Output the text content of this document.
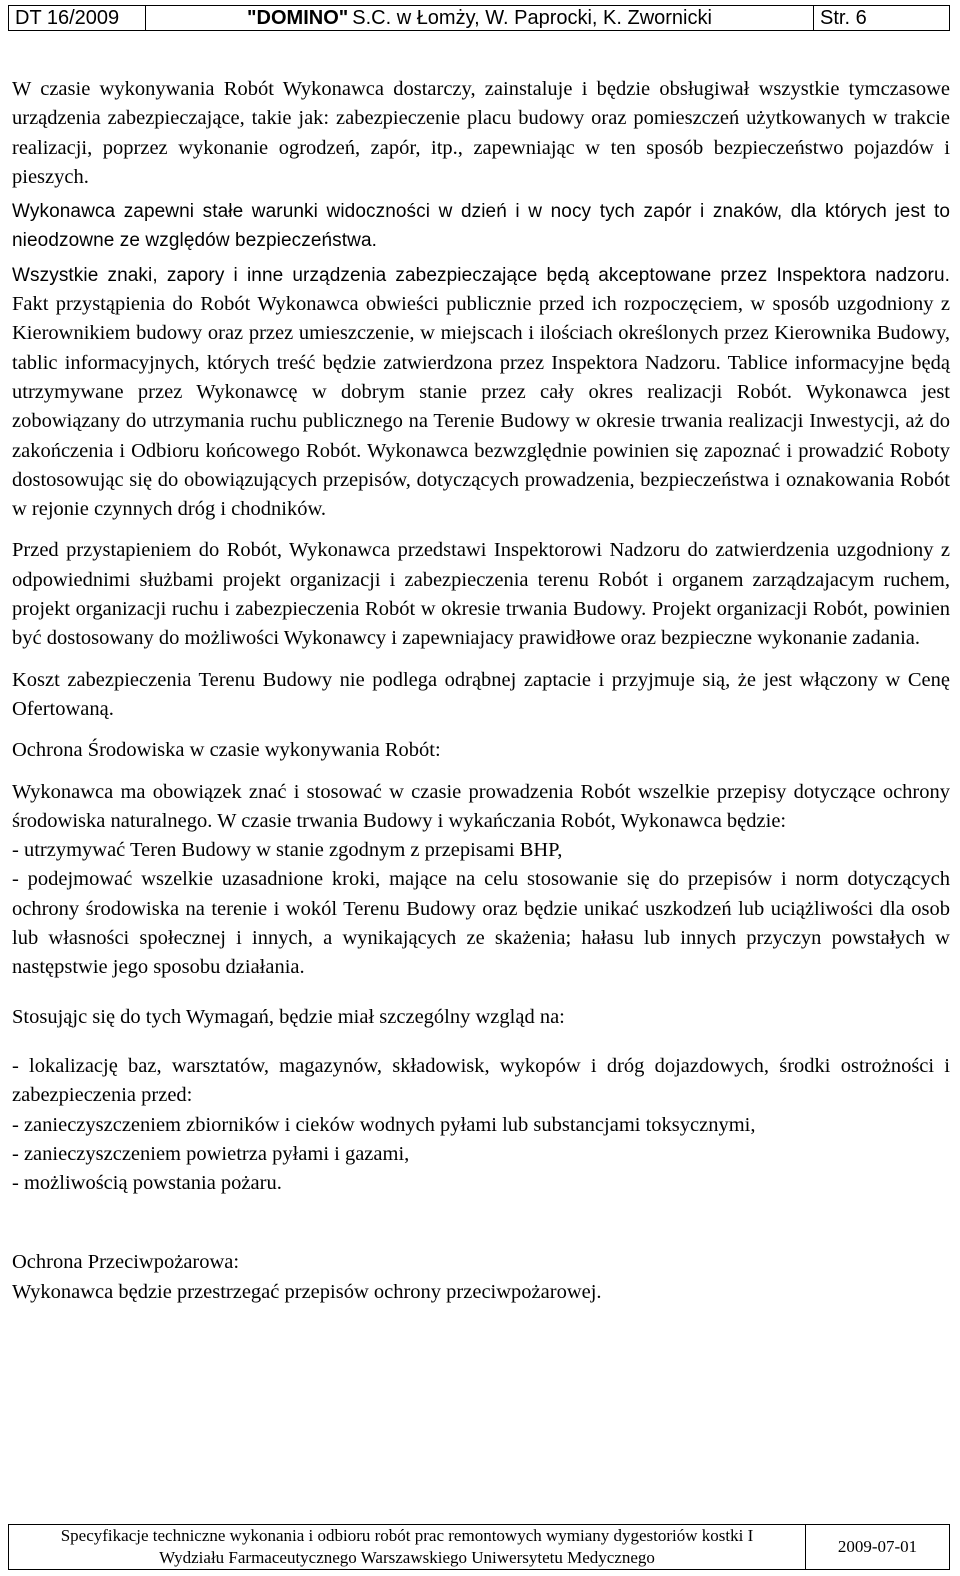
DT 16/2009	"DOMINO" S.C. w Łomży, W. Paprocki, K. Zwornicki	Str. 6

W czasie wykonywania Robót Wykonawca dostarczy, zainstaluje i będzie obsługiwał wszystkie tymczasowe urządzenia zabezpieczające, takie jak: zabezpieczenie placu budowy oraz pomieszczeń użytkowanych w trakcie realizacji, poprzez wykonanie ogrodzeń, zapór, itp., zapewniając w ten sposób bezpieczeństwo pojazdów i pieszych.

Wykonawca zapewni stałe warunki widoczności w dzień i w nocy tych zapór i znaków, dla których jest to nieodzowne ze względów bezpieczeństwa.

Wszystkie znaki, zapory i inne urządzenia zabezpieczające będą akceptowane przez Inspektora nadzoru. Fakt przystąpienia do Robót Wykonawca obwieści publicznie przed ich rozpoczęciem, w sposób uzgodniony z Kierownikiem budowy oraz przez umieszczenie, w miejscach i ilościach określonych przez Kierownika Budowy, tablic informacyjnych, których treść będzie zatwierdzona przez Inspektora Nadzoru. Tablice informacyjne będą utrzymywane przez Wykonawcę w dobrym stanie przez cały okres realizacji Robót. Wykonawca jest zobowiązany do utrzymania ruchu publicznego na Terenie Budowy w okresie trwania realizacji Inwestycji, aż do zakończenia i Odbioru końcowego Robót. Wykonawca bezwzględnie powinien się zapoznać i prowadzić Roboty dostosowując się do obowiązujących przepisów, dotyczących prowadzenia, bezpieczeństwa i oznakowania Robót w rejonie czynnych dróg i chodników.

Przed przystapieniem do Robót, Wykonawca przedstawi Inspektorowi Nadzoru do zatwierdzenia uzgodniony z odpowiednimi służbami projekt organizacji i zabezpieczenia terenu Robót i organem zarządzajacym ruchem, projekt organizacji ruchu i zabezpieczenia Robót w okresie trwania Budowy. Projekt organizacji Robót, powinien być dostosowany do możliwości Wykonawcy i zapewniajacy prawidłowe oraz bezpieczne wykonanie zadania.

Koszt zabezpieczenia Terenu Budowy nie podlega odrąbnej zaptacie i przyjmuje sią, że jest włączony w Cenę Ofertowaną.

Ochrona Środowiska w czasie wykonywania Robót:

Wykonawca ma obowiązek znać i stosować w czasie prowadzenia Robót wszelkie przepisy dotyczące ochrony środowiska naturalnego. W czasie trwania Budowy i wykańczania Robót, Wykonawca będzie:

- utrzymywać Teren Budowy w stanie zgodnym z przepisami BHP,

- podejmować wszelkie uzasadnione kroki, mające na celu stosowanie się do przepisów i norm dotyczących ochrony środowiska na terenie i wokól Terenu Budowy oraz będzie unikać uszkodzeń lub uciążliwości dla osob lub własności społecznej i innych, a wynikających ze skażenia; hałasu lub innych przyczyn powstałych w następstwie jego sposobu działania.

Stosująjc się do tych Wymagań, będzie miał szczególny wzgląd na:

- lokalizację baz, warsztatów, magazynów, składowisk, wykopów i dróg dojazdowych, środki ostrożności i zabezpieczenia przed:

- zanieczyszczeniem zbiorników i cieków wodnych pyłami lub substancjami toksycznymi,

- zanieczyszczeniem powietrza pyłami i gazami,

- możliwością powstania pożaru.

Ochrona Przeciwpożarowa:

Wykonawca będzie przestrzegać przepisów ochrony przeciwpożarowej.

Specyfikacje techniczne wykonania i odbioru robót prac remontowych wymiany dygestoriów kostki I
Wydziału Farmaceutycznego Warszawskiego Uniwersytetu Medycznego
2009-07-01
